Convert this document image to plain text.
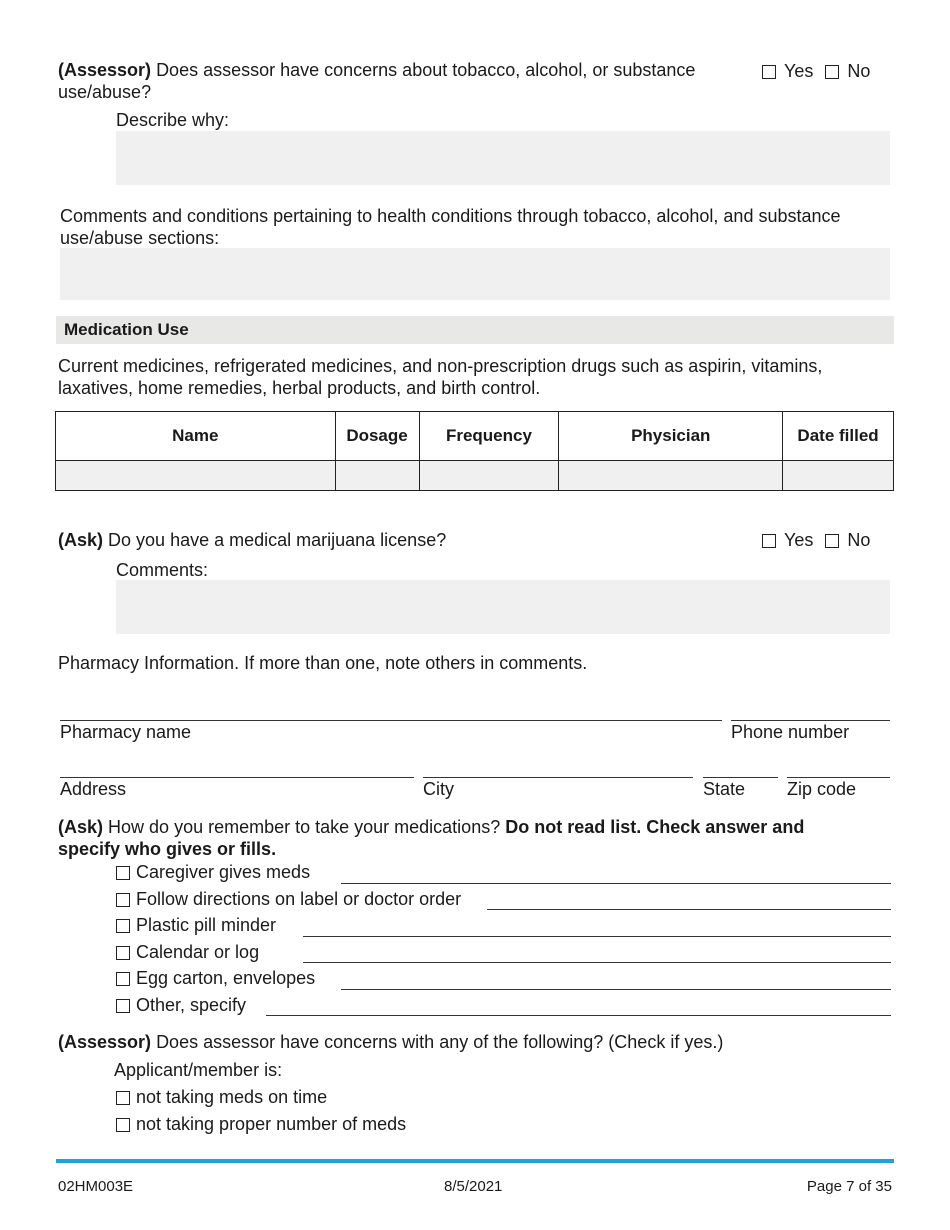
(Assessor) Does assessor have concerns about tobacco, alcohol, or substance
use/abuse?
Yes No
Describe why:
Comments and conditions pertaining to health conditions through tobacco, alcohol, and substance
use/abuse sections:
Medication Use
Current medicines, refrigerated medicines, and non-prescription drugs such as aspirin, vitamins,
laxatives, home remedies, herbal products, and birth control.
Name	Dosage	Frequency	Physician	Date filled

(Ask) Do you have a medical marijuana license?	Yes No
Comments:
Pharmacy Information. If more than one, note others in comments.
Pharmacy name	Phone number
Address	City	State Zip code
(Ask) How do you remember to take your medications? Do not read list. Check answer and
specify who gives or fills.
Caregiver gives meds
Follow directions on label or doctor order
Plastic pill minder
Calendar or log
Egg carton, envelopes
Other, specify
(Assessor) Does assessor have concerns with any of the following? (Check if yes.)
Applicant/member is:
not taking meds on time
not taking proper number of meds
02HM003E	8/5/2021	Page 7 of 35
